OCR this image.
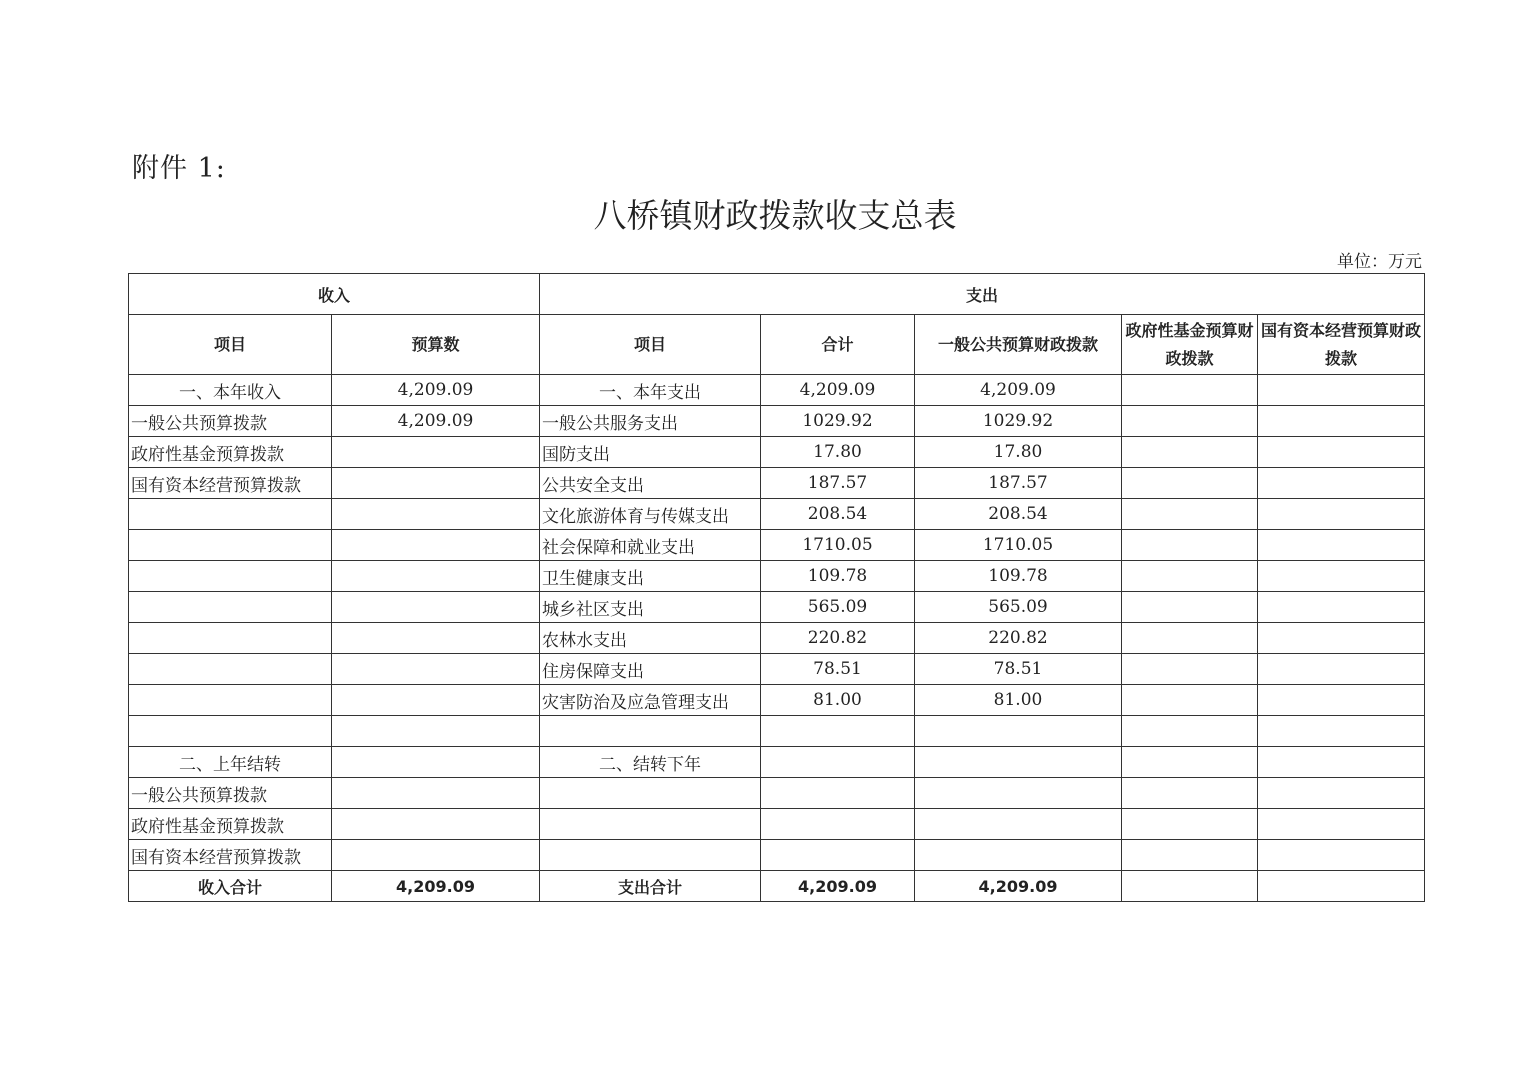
附件 1:
八桥镇财政拨款收支总表
单位：万元
收入		支出				
项目	预算数	项目	合计	一般公共预算财政拨款	政府性基金预算财政拨款	国有资本经营预算财政拨款
一、本年收入	4,209.09	一、本年支出	4,209.09	4,209.09		
一般公共预算拨款	4,209.09	一般公共服务支出	1029.92	1029.92		
政府性基金预算拨款		国防支出	17.80	17.80		
国有资本经营预算拨款		公共安全支出	187.57	187.57		
		文化旅游体育与传媒支出	208.54	208.54		
		社会保障和就业支出	1710.05	1710.05		
		卫生健康支出	109.78	109.78		
		城乡社区支出	565.09	565.09		
		农林水支出	220.82	220.82		
		住房保障支出	78.51	78.51		
		灾害防治及应急管理支出	81.00	81.00		

二、上年结转		二、结转下年				
一般公共预算拨款						
政府性基金预算拨款						
国有资本经营预算拨款						
收入合计	4,209.09	支出合计	4,209.09	4,209.09		
